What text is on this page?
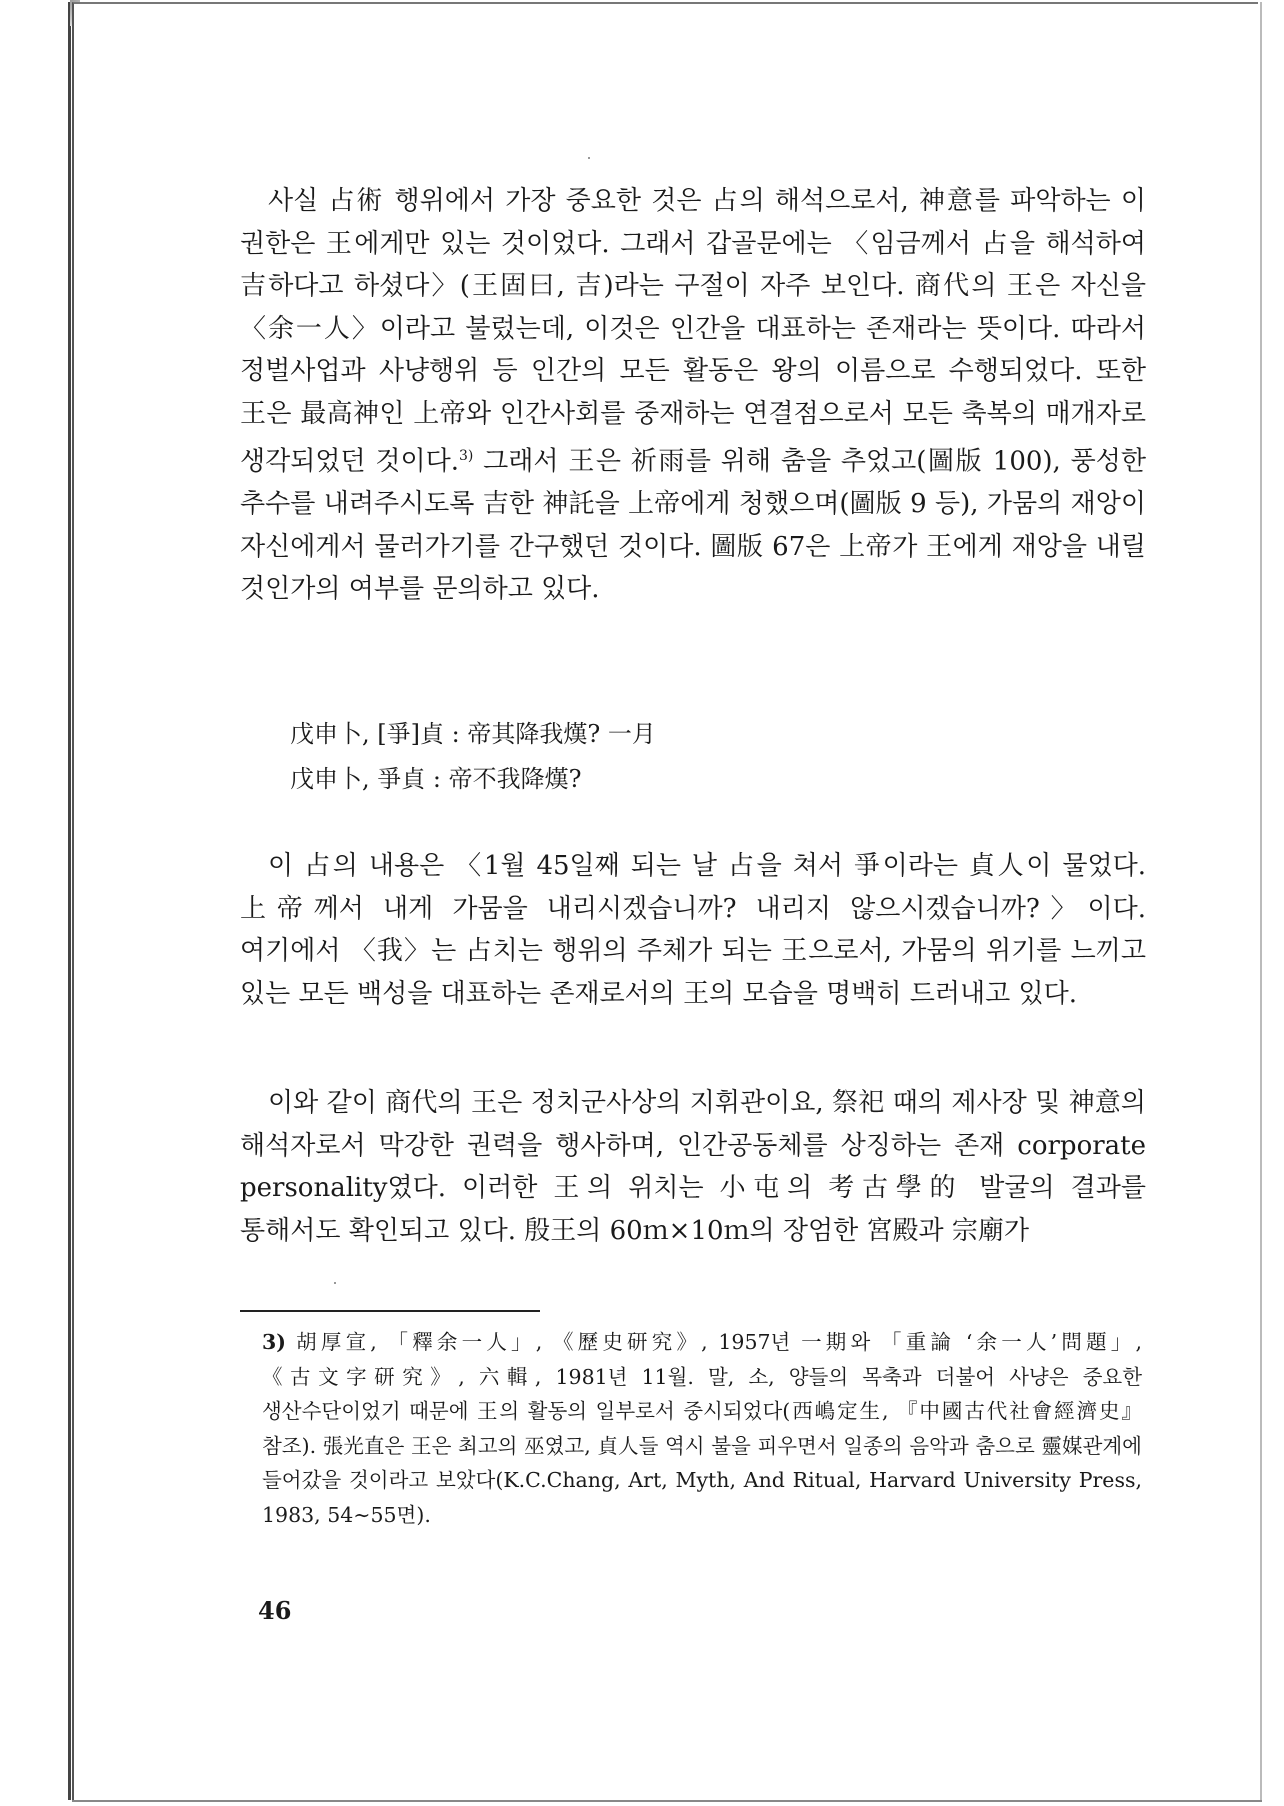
사실 占術 행위에서 가장 중요한 것은 占의 해석으로서, 神意를 파악하는 이 권한은 王에게만 있는 것이었다. 그래서 갑골문에는 〈임금께서 占을 해석하여 吉하다고 하셨다〉(王固曰, 吉)라는 구절이 자주 보인다. 商代의 王은 자신을 〈余一人〉이라고 불렀는데, 이것은 인간을 대표하는 존재라는 뜻이다. 따라서 정벌사업과 사냥행위 등 인간의 모든 활동은 왕의 이름으로 수행되었다. 또한 王은 最高神인 上帝와 인간사회를 중재하는 연결점으로서 모든 축복의 매개자로 생각되었던 것이다.$^{3)}$ 그래서 王은 祈雨를 위해 춤을 추었고(圖版 100), 풍성한 추수를 내려주시도록 吉한 神託을 上帝에게 청했으며(圖版 9 등), 가뭄의 재앙이 자신에게서 물러가기를 간구했던 것이다. 圖版 67은 上帝가 王에게 재앙을 내릴 것인가의 여부를 문의하고 있다.

戊申卜, [爭]貞 : 帝其降我熯? 一月
戊申卜, 爭貞 : 帝不我降熯?

이 占의 내용은 〈1월 45일째 되는 날 占을 쳐서 爭이라는 貞人이 물었다. 上帝께서 내게 가뭄을 내리시겠습니까? 내리지 않으시겠습니까?〉이다. 여기에서 〈我〉는 占치는 행위의 주체가 되는 王으로서, 가뭄의 위기를 느끼고 있는 모든 백성을 대표하는 존재로서의 王의 모습을 명백히 드러내고 있다.

이와 같이 商代의 王은 정치군사상의 지휘관이요, 祭祀 때의 제사장 및 神意의 해석자로서 막강한 권력을 행사하며, 인간공동체를 상징하는 존재 corporate personality였다. 이러한 王의 위치는 小屯의 考古學的 발굴의 결과를 통해서도 확인되고 있다. 殷王의 60ｍ×10ｍ의 장엄한 宮殿과 宗廟가

3) 胡厚宣, 「釋余一人」, 《歷史研究》, 1957년 一期와 「重論 ‘余一人’問題」, 《古文字研究》, 六輯, 1981년 11월. 말, 소, 양들의 목축과 더불어 사냥은 중요한 생산수단이었기 때문에 王의 활동의 일부로서 중시되었다(西嶋定生, 『中國古代社會經濟史』 참조). 張光直은 王은 최고의 巫였고, 貞人들 역시 불을 피우면서 일종의 음악과 춤으로 靈媒관계에 들어갔을 것이라고 보았다(K.C.Chang, Art, Myth, And Ritual, Harvard University Press, 1983, 54∼55면).
46
